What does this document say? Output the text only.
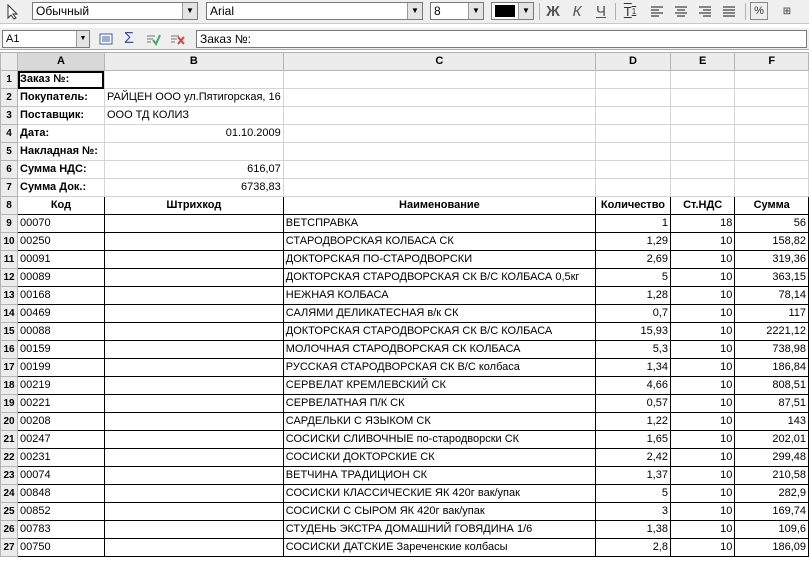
Обычный	▼	Arial	▼	8	▼	▼ Ж К Ч	T 1	%	⊞
A1	▼	Σ	Заказ №:
	A	B	C	D	E	F
1	Заказ №:					
2	Покупатель:	РАЙЦЕН ООО ул.Пятигорская, 16				
3	Поставщик:	ООО ТД КОЛИЗ				
4	Дата:	01.10.2009				
5	Накладная №:					
6	Сумма НДС:	616,07				
7	Сумма Док.:	6738,83				
8	Код	Штрихкод	Наименование	Количество	Ст.НДС	Сумма
9	00070		ВЕТСПРАВКА	1	18	56
10	00250		СТАРОДВОРСКАЯ КОЛБАСА СК	1,29	10	158,82
11	00091		ДОКТОРСКАЯ ПО-СТАРОДВОРСКИ	2,69	10	319,36
12	00089		ДОКТОРСКАЯ СТАРОДВОРСКАЯ СК В/С КОЛБАСА 0,5кг	5	10	363,15
13	00168		НЕЖНАЯ КОЛБАСА	1,28	10	78,14
14	00469		САЛЯМИ ДЕЛИКАТЕСНАЯ в/к СК	0,7	10	117
15	00088		ДОКТОРСКАЯ СТАРОДВОРСКАЯ СК В/С КОЛБАСА	15,93	10	2221,12
16	00159		МОЛОЧНАЯ СТАРОДВОРСКАЯ СК КОЛБАСА	5,3	10	738,98
17	00199		РУССКАЯ СТАРОДВОРСКАЯ СК В/С колбаса	1,34	10	186,84
18	00219		СЕРВЕЛАТ КРЕМЛЕВСКИЙ СК	4,66	10	808,51
19	00221		СЕРВЕЛАТНАЯ П/К СК	0,57	10	87,51
20	00208		САРДЕЛЬКИ С ЯЗЫКОМ СК	1,22	10	143
21	00247		СОСИСКИ СЛИВОЧНЫЕ по-стародворски СК	1,65	10	202,01
22	00231		СОСИСКИ ДОКТОРСКИЕ СК	2,42	10	299,48
23	00074		ВЕТЧИНА ТРАДИЦИОН СК	1,37	10	210,58
24	00848		СОСИСКИ КЛАССИЧЕСКИЕ ЯК 420г вак/упак	5	10	282,9
25	00852		СОСИСКИ С СЫРОМ ЯК 420г вак/упак	3	10	169,74
26	00783		СТУДЕНЬ ЭКСТРА ДОМАШНИЙ ГОВЯДИНА 1/6	1,38	10	109,6
27	00750		СОСИСКИ ДАТСКИЕ Зареченские колбасы	2,8	10	186,09
